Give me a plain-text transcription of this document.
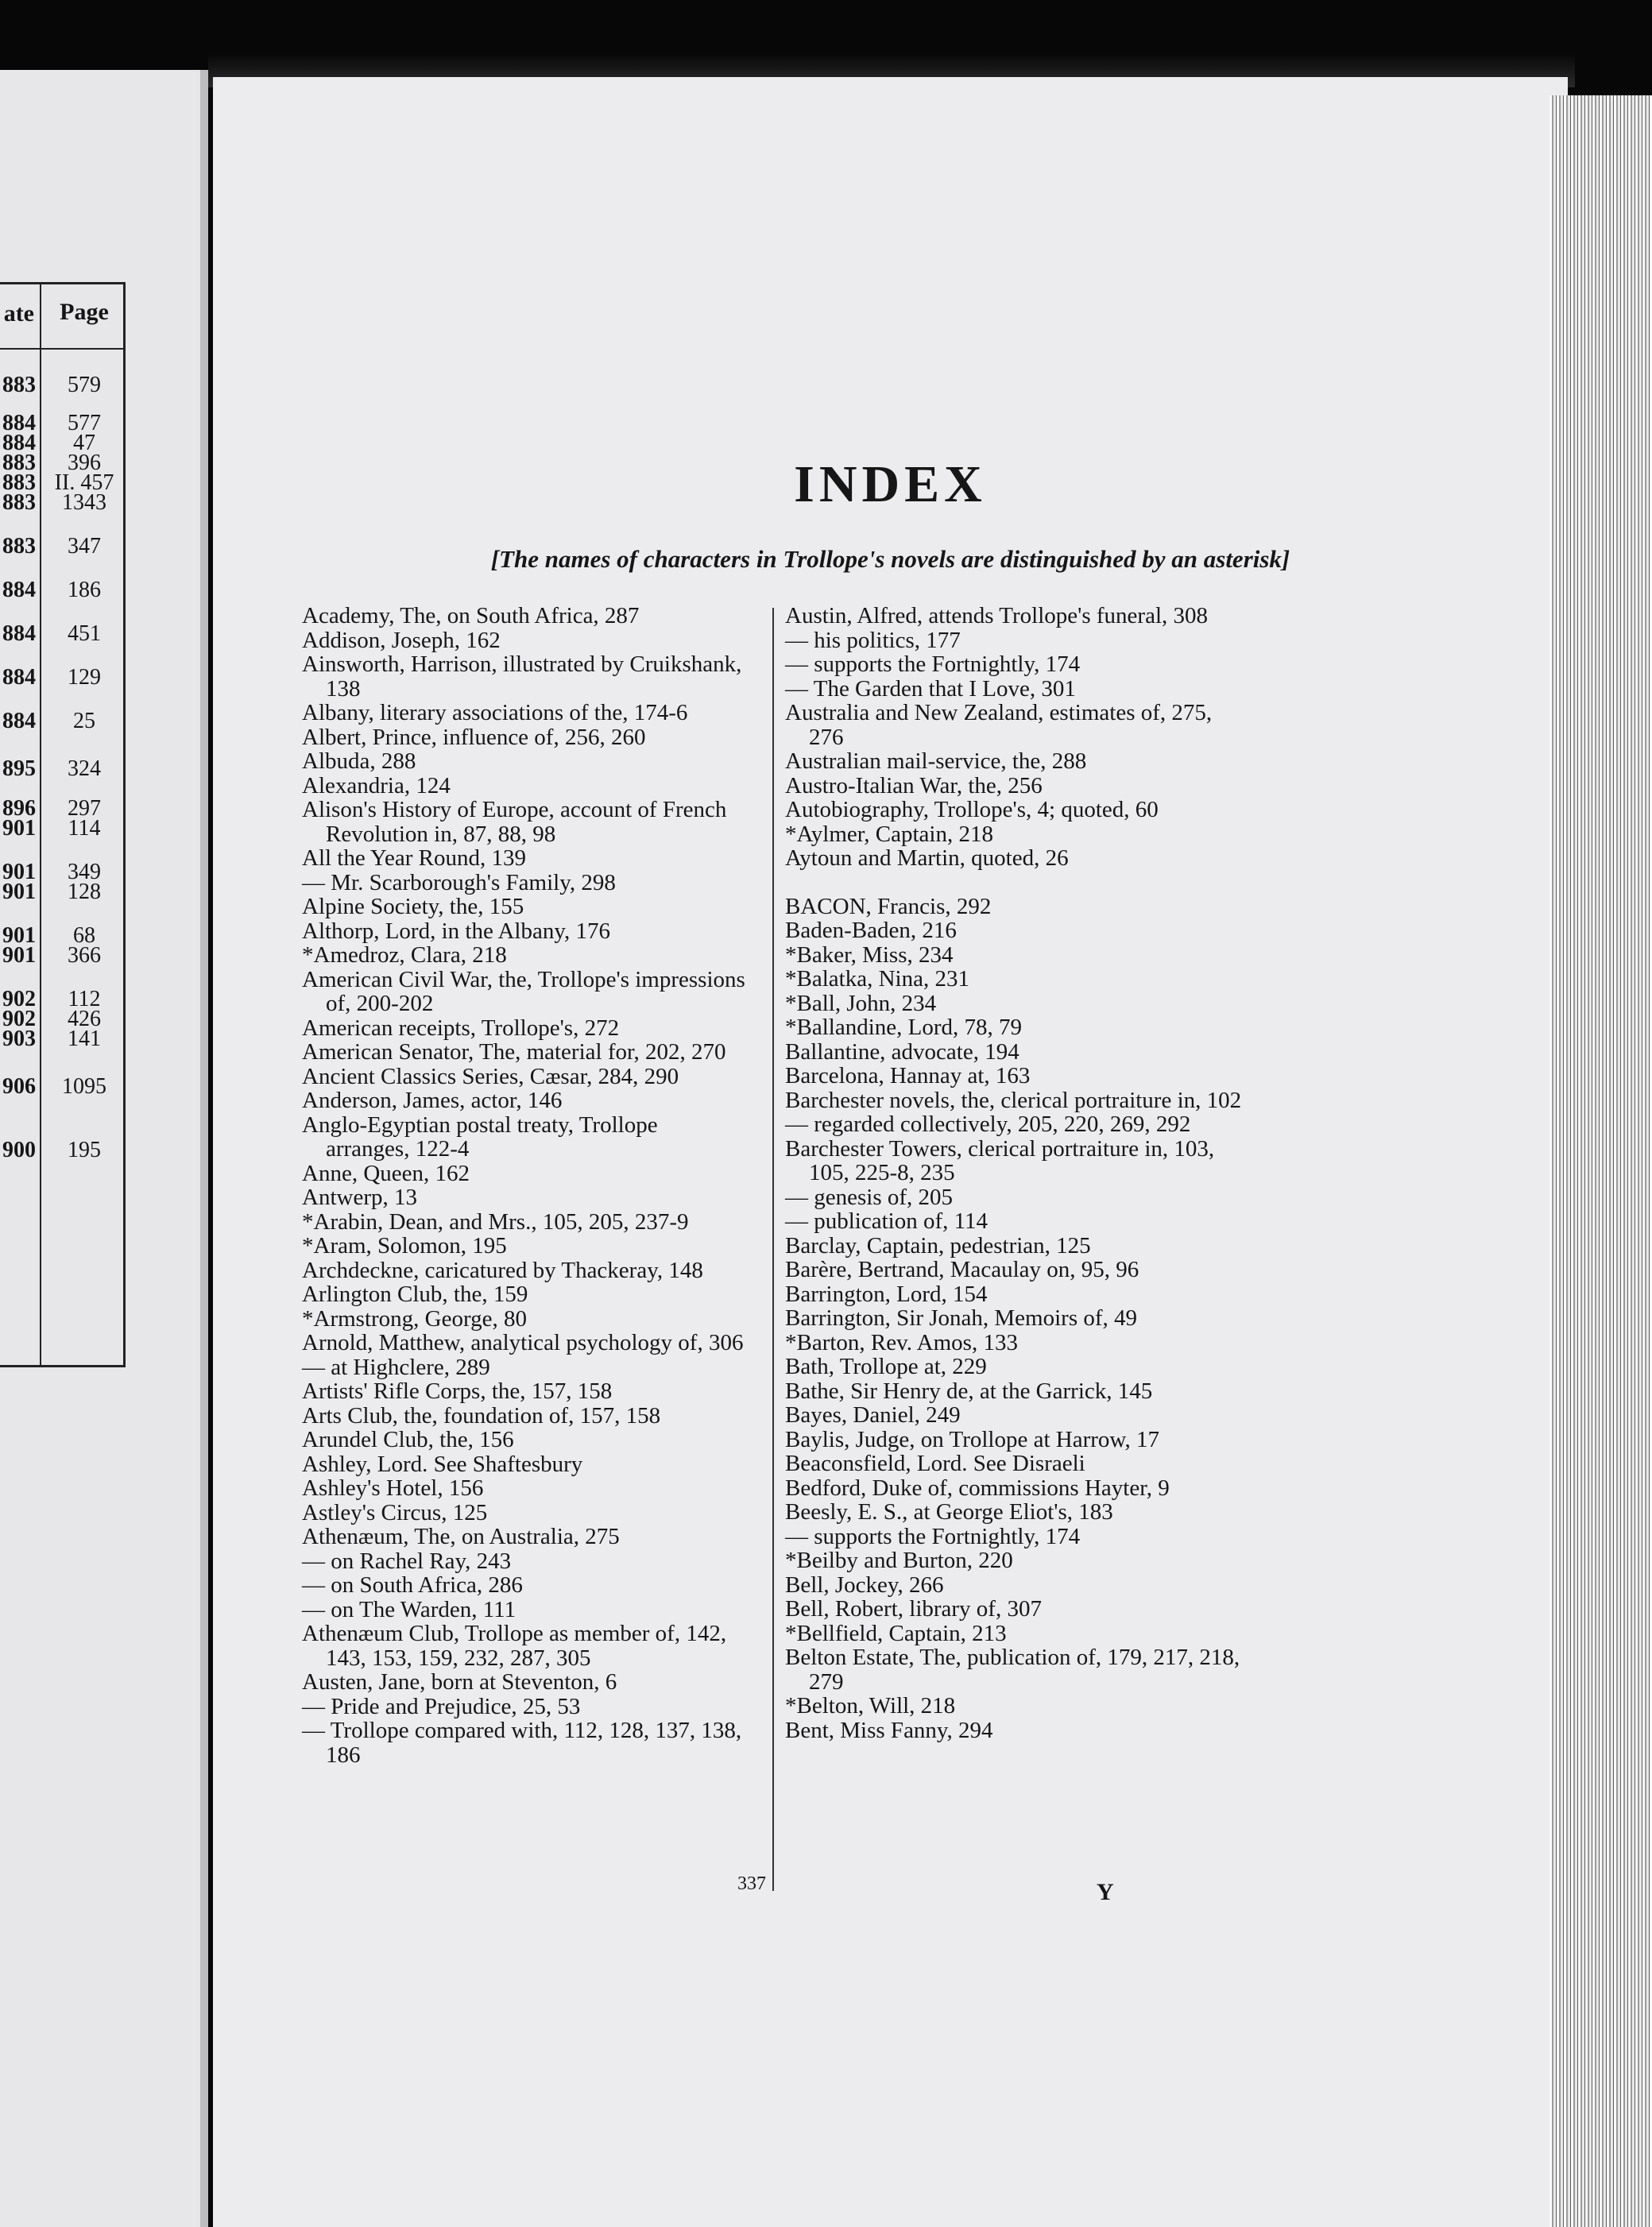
ate	Page
883	579
884	577
884	47
883	396
883 II. 457
883	1343
883	347
884	186
884	451
884	129
884	25
895	324
896	297
901	114
901	349
901	128
901	68
901	366
902	112
902	426
903	141
906	1095
900	195
INDEX
[The names of characters in Trollope's novels are distinguished by an asterisk]
Academy, The, on South Africa, 287
Addison, Joseph, 162
Ainsworth, Harrison, illustrated by Cruikshank, 138
Albany, literary associations of the, 174-6
Albert, Prince, influence of, 256, 260
Albuda, 288
Alexandria, 124
Alison's History of Europe, account of French Revolution in, 87, 88, 98
All the Year Round, 139
— Mr. Scarborough's Family, 298
Alpine Society, the, 155
Althorp, Lord, in the Albany, 176
*Amedroz, Clara, 218
American Civil War, the, Trollope's impressions of, 200-202
American receipts, Trollope's, 272
American Senator, The, material for, 202, 270
Ancient Classics Series, Cæsar, 284, 290
Anderson, James, actor, 146
Anglo-Egyptian postal treaty, Trollope arranges, 122-4
Anne, Queen, 162
Antwerp, 13
*Arabin, Dean, and Mrs., 105, 205, 237-9
*Aram, Solomon, 195
Archdeckne, caricatured by Thackeray, 148
Arlington Club, the, 159
*Armstrong, George, 80
Arnold, Matthew, analytical psychology of, 306
— at Highclere, 289
Artists' Rifle Corps, the, 157, 158
Arts Club, the, foundation of, 157, 158
Arundel Club, the, 156
Ashley, Lord. See Shaftesbury
Ashley's Hotel, 156
Astley's Circus, 125
Athenæum, The, on Australia, 275
— on Rachel Ray, 243
— on South Africa, 286
— on The Warden, 111
Athenæum Club, Trollope as member of, 142, 143, 153, 159, 232, 287, 305
Austen, Jane, born at Steventon, 6
— Pride and Prejudice, 25, 53
— Trollope compared with, 112, 128, 137, 138, 186
Austin, Alfred, attends Trollope's funeral, 308
— his politics, 177
— supports the Fortnightly, 174
— The Garden that I Love, 301
Australia and New Zealand, estimates of, 275, 276
Australian mail-service, the, 288
Austro-Italian War, the, 256
Autobiography, Trollope's, 4; quoted, 60
*Aylmer, Captain, 218
Aytoun and Martin, quoted, 26
BACON, Francis, 292
Baden-Baden, 216
*Baker, Miss, 234
*Balatka, Nina, 231
*Ball, John, 234
*Ballandine, Lord, 78, 79
Ballantine, advocate, 194
Barcelona, Hannay at, 163
Barchester novels, the, clerical portraiture in, 102
— regarded collectively, 205, 220, 269, 292
Barchester Towers, clerical portraiture in, 103, 105, 225-8, 235
— genesis of, 205
— publication of, 114
Barclay, Captain, pedestrian, 125
Barère, Bertrand, Macaulay on, 95, 96
Barrington, Lord, 154
Barrington, Sir Jonah, Memoirs of, 49
*Barton, Rev. Amos, 133
Bath, Trollope at, 229
Bathe, Sir Henry de, at the Garrick, 145
Bayes, Daniel, 249
Baylis, Judge, on Trollope at Harrow, 17
Beaconsfield, Lord. See Disraeli
Bedford, Duke of, commissions Hayter, 9
Beesly, E. S., at George Eliot's, 183
— supports the Fortnightly, 174
*Beilby and Burton, 220
Bell, Jockey, 266
Bell, Robert, library of, 307
*Bellfield, Captain, 213
Belton Estate, The, publication of, 179, 217, 218, 279
*Belton, Will, 218
Bent, Miss Fanny, 294
337	Y
